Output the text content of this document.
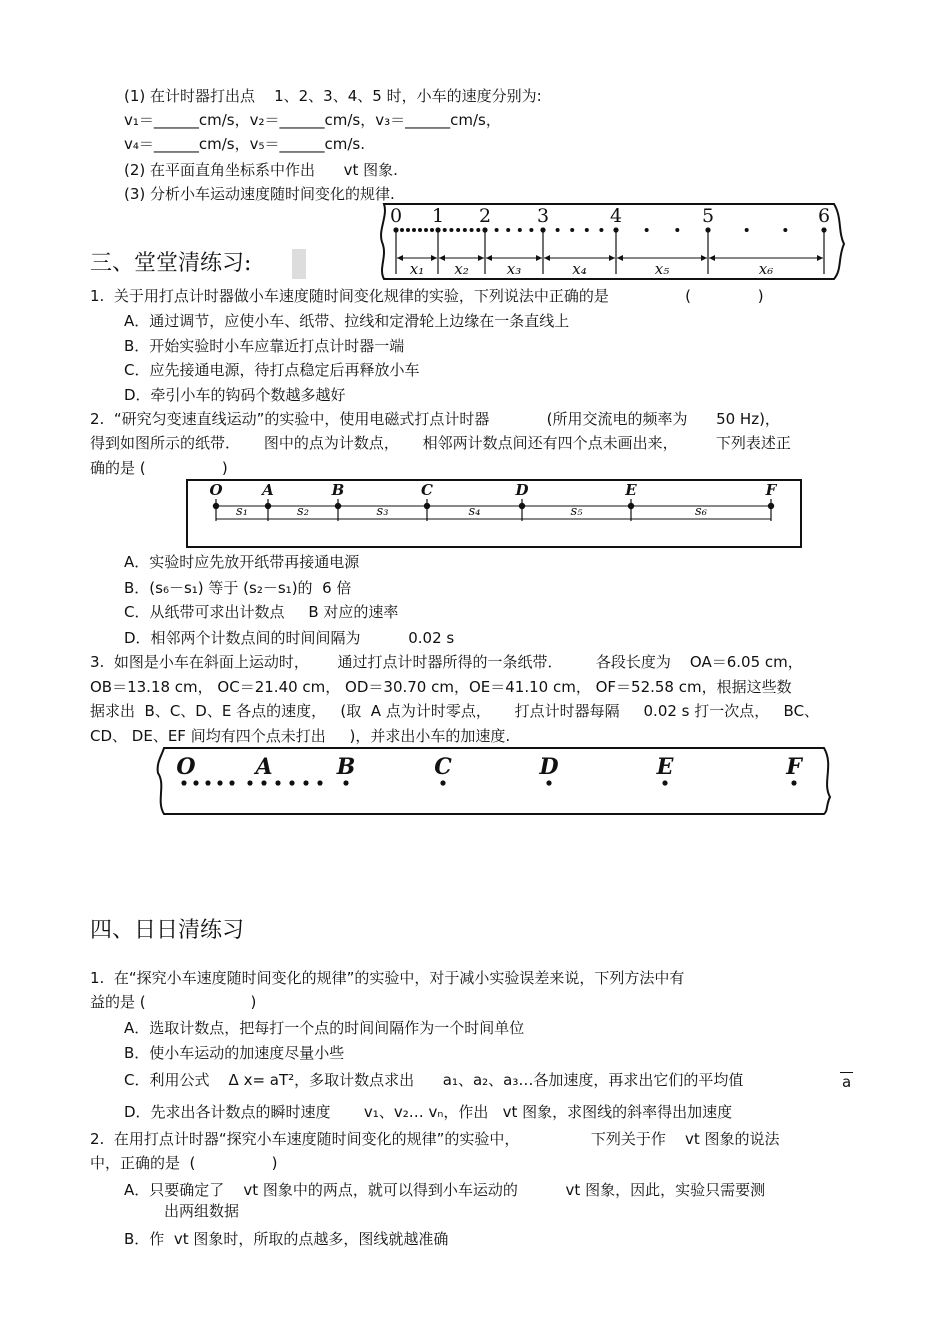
(1) 在计时器打出点    1、2、3、4、5 时，小车的速度分别为:
v₁＝______cm/s，v₂＝______cm/s，v₃＝______cm/s，
v₄＝______cm/s，v₅＝______cm/s.
(2) 在平面直角坐标系中作出      vt 图象.
(3) 分析小车运动速度随时间变化的规律.
0 1 2 3	4	5	6
x₁ x₂	x₃	x₄	x₅	x₆
三、堂堂清练习:
1.  关于用打点计时器做小车速度随时间变化规律的实验，下列说法中正确的是                (              )
A．通过调节，应使小车、纸带、拉线和定滑轮上边缘在一条直线上
B．开始实验时小车应靠近打点计时器一端
C．应先接通电源，待打点稳定后再释放小车
D．牵引小车的钩码个数越多越好
2.  “研究匀变速直线运动”的实验中，使用电磁式打点计时器            (所用交流电的频率为      50 Hz)，
得到如图所示的纸带．     图中的点为计数点，     相邻两计数点间还有四个点未画出来，        下列表述正
确的是 (                )
O	A	B	C	D	E	F
s₁	s₂	s₃	s₄	s₅	s₆
A．实验时应先放开纸带再接通电源
B．(s₆－s₁) 等于 (s₂－s₁)的  6 倍
C．从纸带可求出计数点     B 对应的速率
D．相邻两个计数点间的时间间隔为          0.02 s
3.  如图是小车在斜面上运动时，      通过打点计时器所得的一条纸带．       各段长度为    OA＝6.05 cm，
OB＝13.18 cm， OC＝21.40 cm， OD＝30.70 cm，OE＝41.10 cm， OF＝52.58 cm，根据这些数
据求出  B、C、D、E 各点的速度，   (取  A 点为计时零点，     打点计时器每隔     0.02 s 打一次点，   BC、
CD、 DE、EF 间均有四个点未打出     )，并求出小车的加速度.
O	A	B	C	D	E	F
四、日日清练习
1.  在“探究小车速度随时间变化的规律”的实验中，对于减小实验误差来说，下列方法中有
益的是 (                      )
A．选取计数点，把每打一个点的时间间隔作为一个时间单位
B．使小车运动的加速度尽量小些
C．利用公式    Δ x= aT²，多取计数点求出      a₁、a₂、a₃…各加速度，再求出它们的平均值	a
D．先求出各计数点的瞬时速度       v₁、v₂… vₙ，作出   vt 图象，求图线的斜率得出加速度
2.  在用打点计时器“探究小车速度随时间变化的规律”的实验中，               下列关于作    vt 图象的说法
中，正确的是  (                )
A．只要确定了    vt 图象中的两点，就可以得到小车运动的          vt 图象，因此，实验只需要测
出两组数据
B．作  vt 图象时，所取的点越多，图线就越准确
